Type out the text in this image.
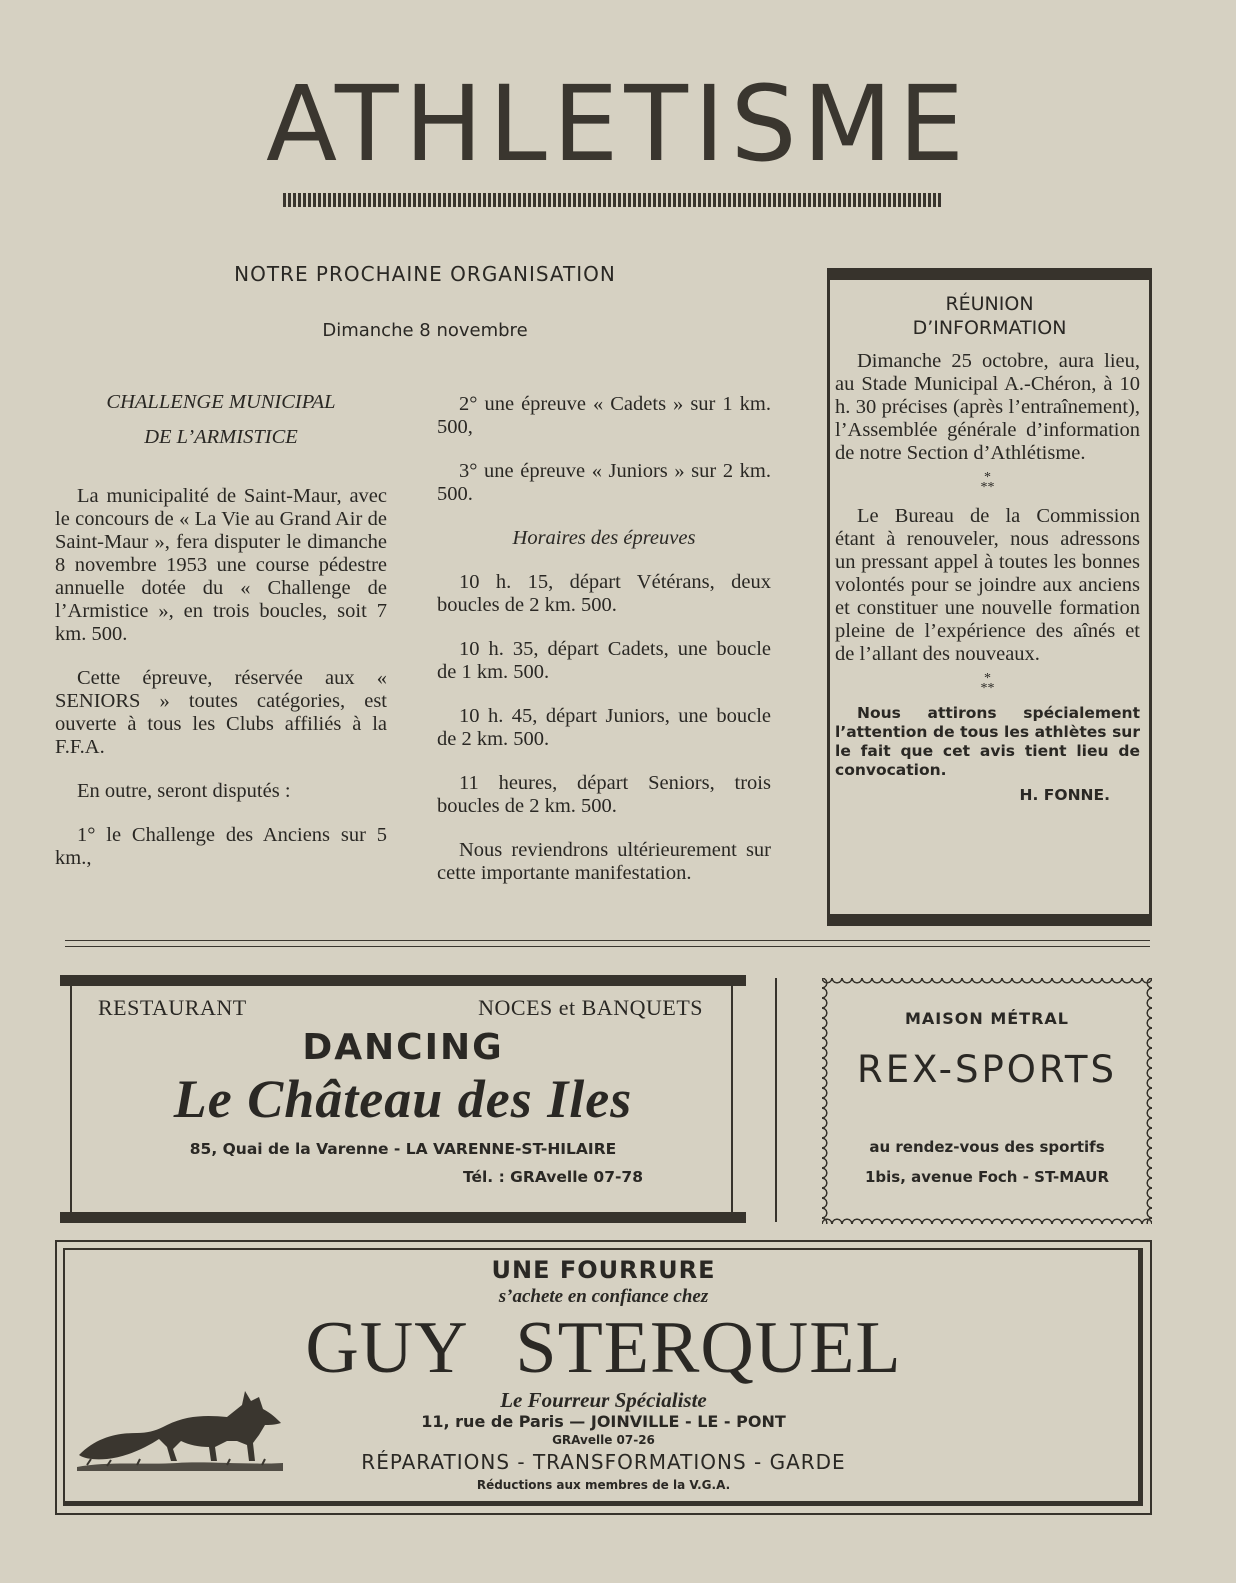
ATHLETISME
NOTRE PROCHAINE ORGANISATION
Dimanche 8 novembre

CHALLENGE MUNICIPAL

DE L’ARMISTICE

La municipalité de Saint-Maur, avec le concours de « La Vie au Grand Air de Saint-Maur », fera disputer le dimanche 8 novembre 1953 une course pédestre annuelle dotée du « Challenge de l’Armistice », en trois boucles, soit 7 km. 500.

Cette épreuve, réservée aux « SENIORS » toutes catégories, est ouverte à tous les Clubs affiliés à la F.F.A.

En outre, seront disputés :

1° le Challenge des Anciens sur 5 km.,

2° une épreuve « Cadets » sur 1 km. 500,

3° une épreuve « Juniors » sur 2 km. 500.

Horaires des épreuves

10 h. 15, départ Vétérans, deux boucles de 2 km. 500.

10 h. 35, départ Cadets, une boucle de 1 km. 500.

10 h. 45, départ Juniors, une boucle de 2 km. 500.

11 heures, départ Seniors, trois boucles de 2 km. 500.

Nous reviendrons ultérieurement sur cette importante manifestation.

RÉUNION
D’INFORMATION

Dimanche 25 octobre, aura lieu, au Stade Municipal A.-Chéron, à 10 h. 30 précises (après l’entraînement), l’Assemblée générale d’information de notre Section d’Athlétisme.

*
**

Le Bureau de la Commission étant à renouveler, nous adressons un pressant appel à toutes les bonnes volontés pour se joindre aux anciens et constituer une nouvelle formation pleine de l’expérience des aînés et de l’allant des nouveaux.

*
**

Nous attirons spécialement l’attention de tous les athlètes sur le fait que cet avis tient lieu de convocation.

H. FONNE.
RESTAURANT	NOCES et BANQUETS
DANCING
Le Château des Iles
85, Quai de la Varenne - LA VARENNE-ST-HILAIRE
Tél. : GRAvelle 07-78
MAISON MÉTRAL
REX-SPORTS
au rendez-vous des sportifs
1bis, avenue Foch - ST-MAUR
UNE FOURRURE
s’achete en confiance chez
GUY STERQUEL
Le Fourreur Spécialiste
11, rue de Paris — JOINVILLE - LE - PONT
GRAvelle 07-26
RÉPARATIONS - TRANSFORMATIONS - GARDE
Réductions aux membres de la V.G.A.
